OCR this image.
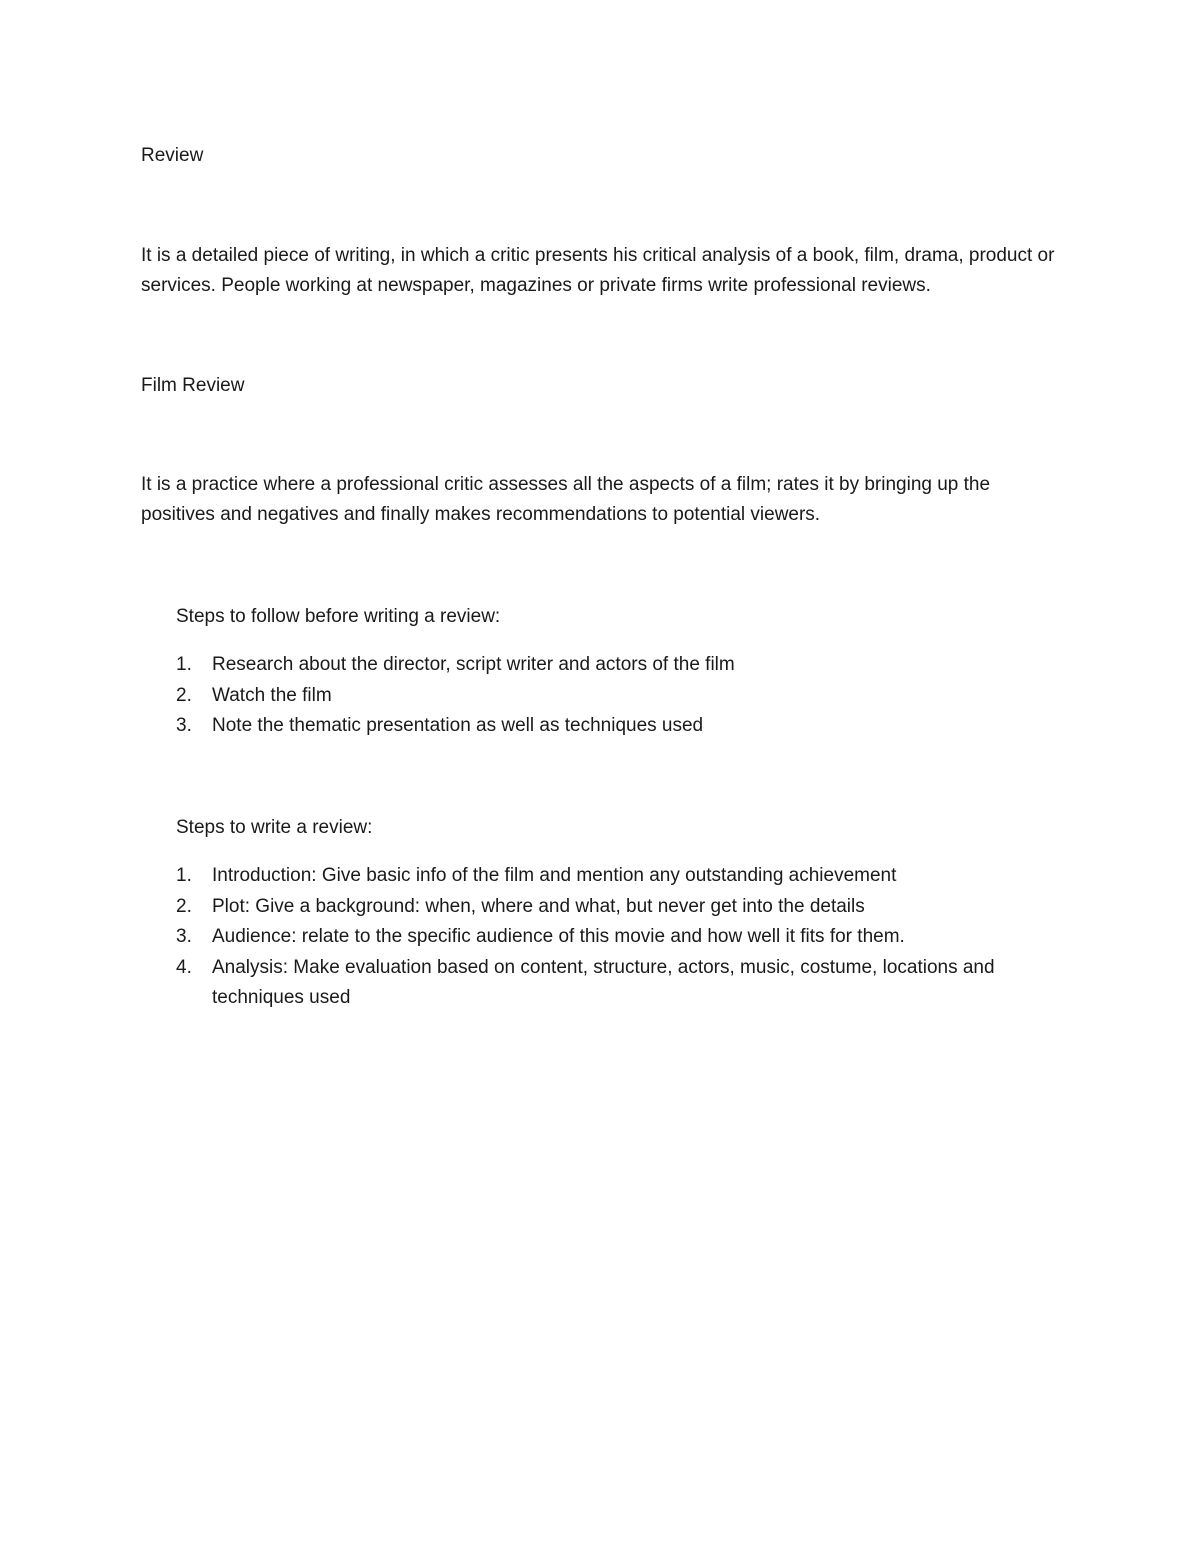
Review
It is a detailed piece of writing, in which a critic presents his critical analysis of a book, film, drama, product or services. People working at newspaper, magazines or private firms write professional reviews.
Film Review
It is a practice where a professional critic assesses all the aspects of a film; rates it by bringing up the positives and negatives and finally makes recommendations to potential viewers.
Steps to follow before writing a review:
1. Research about the director, script writer and actors of the film
2. Watch the film
3. Note the thematic presentation as well as techniques used
Steps to write a review:
1. Introduction: Give basic info of the film and mention any outstanding achievement
2. Plot: Give a background: when, where and what, but never get into the details
3. Audience: relate to the specific audience of this movie and how well it fits for them.
4. Analysis: Make evaluation based on content, structure, actors, music, costume, locations and techniques used
